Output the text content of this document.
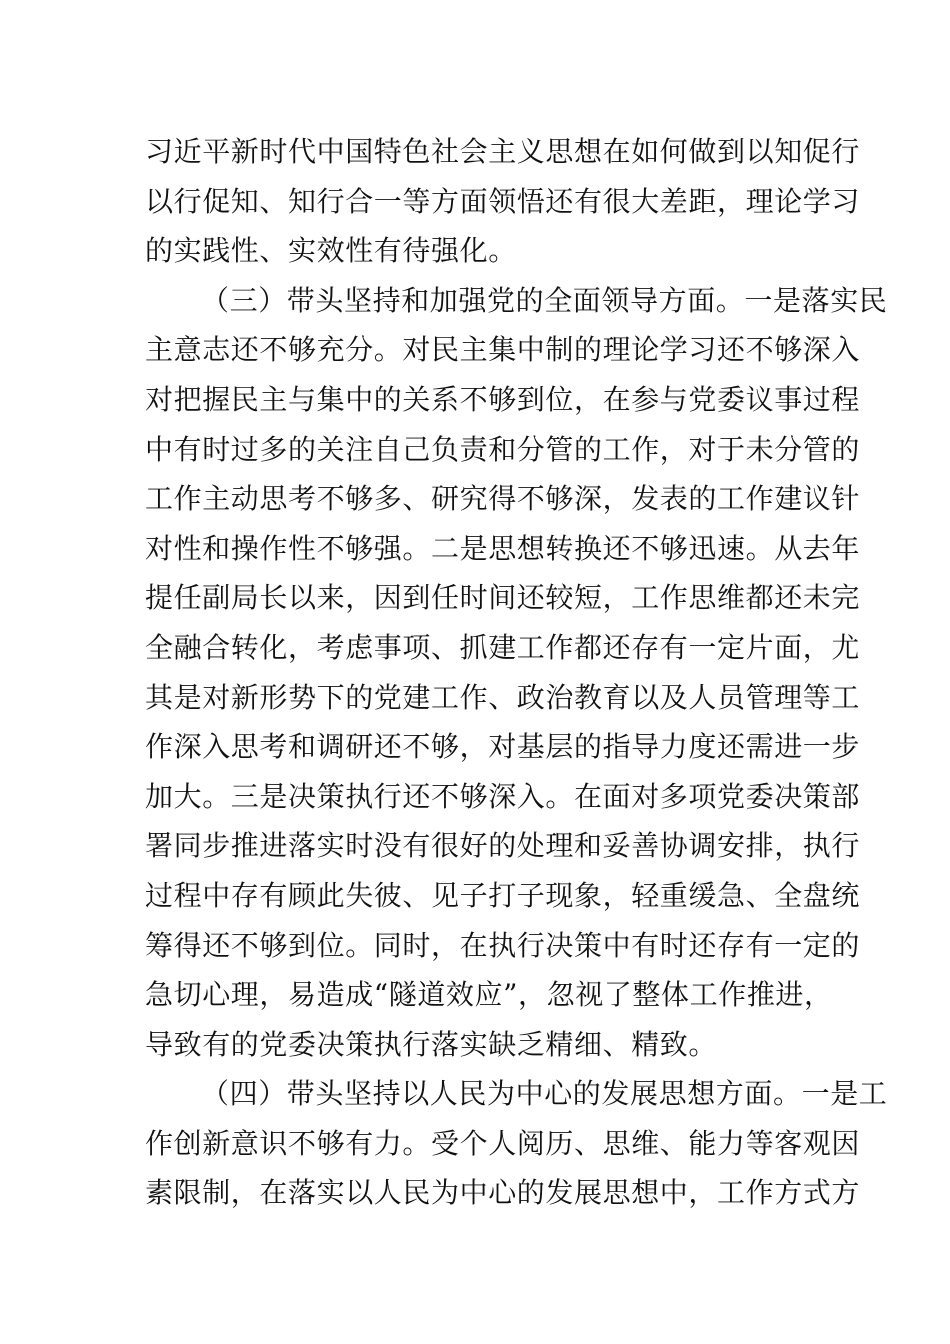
习近平新时代中国特色社会主义思想在如何做到以知促行
以行促知、知行合一等方面领悟还有很大差距，理论学习
的实践性、实效性有待强化。
（三）带头坚持和加强党的全面领导方面。一是落实民
主意志还不够充分。对民主集中制的理论学习还不够深入
对把握民主与集中的关系不够到位，在参与党委议事过程
中有时过多的关注自己负责和分管的工作，对于未分管的
工作主动思考不够多、研究得不够深，发表的工作建议针
对性和操作性不够强。二是思想转换还不够迅速。从去年
提任副局长以来，因到任时间还较短，工作思维都还未完
全融合转化，考虑事项、抓建工作都还存有一定片面，尤
其是对新形势下的党建工作、政治教育以及人员管理等工
作深入思考和调研还不够，对基层的指导力度还需进一步
加大。三是决策执行还不够深入。在面对多项党委决策部
署同步推进落实时没有很好的处理和妥善协调安排，执行
过程中存有顾此失彼、见子打子现象，轻重缓急、全盘统
筹得还不够到位。同时，在执行决策中有时还存有一定的
急切心理，易造成“隧道效应”，忽视了整体工作推进，
导致有的党委决策执行落实缺乏精细、精致。
（四）带头坚持以人民为中心的发展思想方面。一是工
作创新意识不够有力。受个人阅历、思维、能力等客观因
素限制，在落实以人民为中心的发展思想中，工作方式方
